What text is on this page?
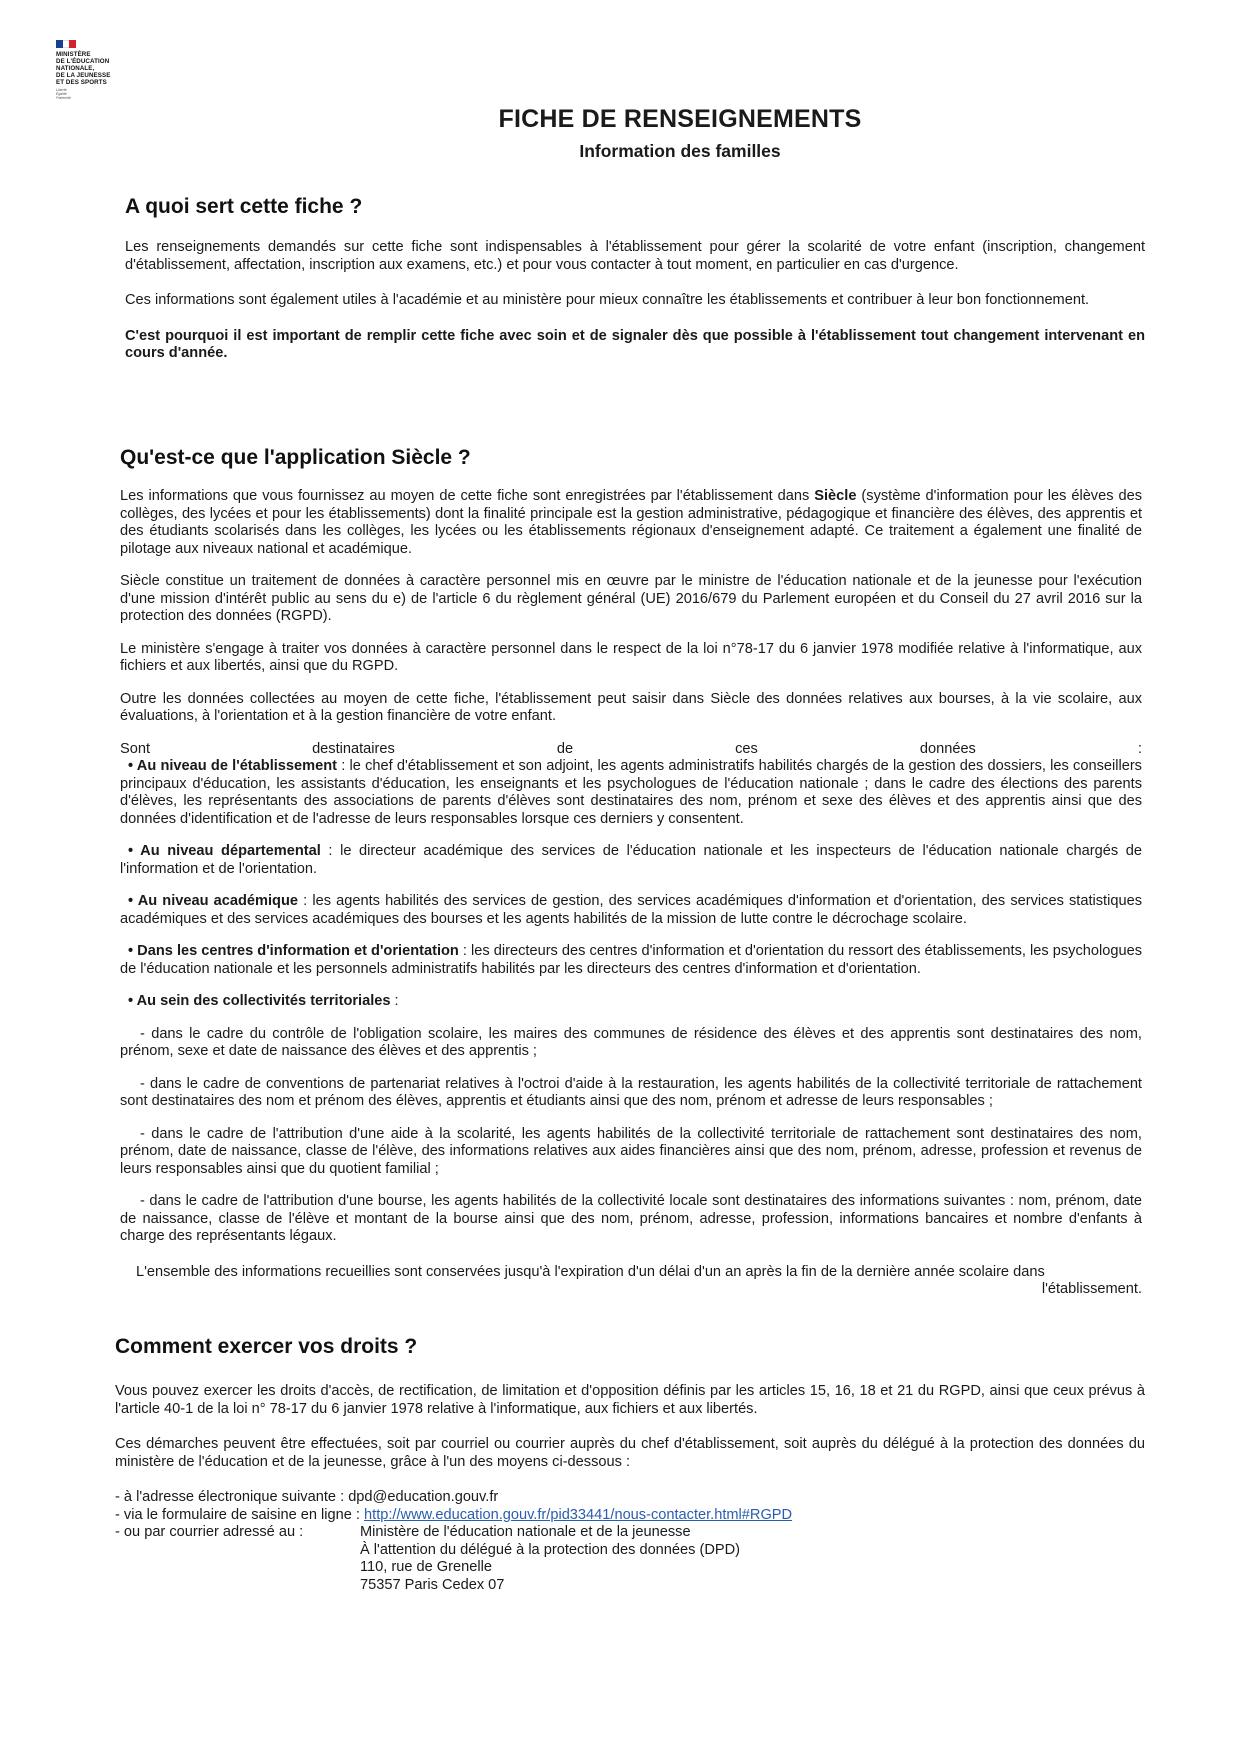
MINISTÈRE
DE L'ÉDUCATION
NATIONALE,
DE LA JEUNESSE
ET DES SPORTS
Liberté
Égalité
Fraternité
FICHE DE RENSEIGNEMENTS
Information des familles
A quoi sert cette fiche ?

Les renseignements demandés sur cette fiche sont indispensables à l'établissement pour gérer la scolarité de votre enfant (inscription, changement d'établissement, affectation, inscription aux examens, etc.) et pour vous contacter à tout moment, en particulier en cas d'urgence.

Ces informations sont également utiles à l'académie et au ministère pour mieux connaître les établissements et contribuer à leur bon fonctionnement.

C'est pourquoi il est important de remplir cette fiche avec soin et de signaler dès que possible à l'établissement tout changement intervenant en cours d'année.

Qu'est-ce que l'application Siècle ?

Les informations que vous fournissez au moyen de cette fiche sont enregistrées par l'établissement dans Siècle (système d'information pour les élèves des collèges, des lycées et pour les établissements) dont la finalité principale est la gestion administrative, pédagogique et financière des élèves, des apprentis et des étudiants scolarisés dans les collèges, les lycées ou les établissements régionaux d'enseignement adapté. Ce traitement a également une finalité de pilotage aux niveaux national et académique.

Siècle constitue un traitement de données à caractère personnel mis en œuvre par le ministre de l'éducation nationale et de la jeunesse pour l'exécution d'une mission d'intérêt public au sens du e) de l'article 6 du règlement général (UE) 2016/679 du Parlement européen et du Conseil du 27 avril 2016 sur la protection des données (RGPD).

Le ministère s'engage à traiter vos données à caractère personnel dans le respect de la loi n°78-17 du 6 janvier 1978 modifiée relative à l'informatique, aux fichiers et aux libertés, ainsi que du RGPD.

Outre les données collectées au moyen de cette fiche, l'établissement peut saisir dans Siècle des données relatives aux bourses, à la vie scolaire, aux évaluations, à l'orientation et à la gestion financière de votre enfant.

Sont	destinataires	de	ces	données	:

• Au niveau de l'établissement : le chef d'établissement et son adjoint, les agents administratifs habilités chargés de la gestion des dossiers, les conseillers principaux d'éducation, les assistants d'éducation, les enseignants et les psychologues de l'éducation nationale ; dans le cadre des élections des parents d'élèves, les représentants des associations de parents d'élèves sont destinataires des nom, prénom et sexe des élèves et des apprentis ainsi que des données d'identification et de l'adresse de leurs responsables lorsque ces derniers y consentent.

• Au niveau départemental : le directeur académique des services de l'éducation nationale et les inspecteurs de l'éducation nationale chargés de l'information et de l'orientation.

• Au niveau académique : les agents habilités des services de gestion, des services académiques d'information et d'orientation, des services statistiques académiques et des services académiques des bourses et les agents habilités de la mission de lutte contre le décrochage scolaire.

• Dans les centres d'information et d'orientation : les directeurs des centres d'information et d'orientation du ressort des établissements, les psychologues de l'éducation nationale et les personnels administratifs habilités par les directeurs des centres d'information et d'orientation.

• Au sein des collectivités territoriales :

- dans le cadre du contrôle de l'obligation scolaire, les maires des communes de résidence des élèves et des apprentis sont destinataires des nom, prénom, sexe et date de naissance des élèves et des apprentis ;

- dans le cadre de conventions de partenariat relatives à l'octroi d'aide à la restauration, les agents habilités de la collectivité territoriale de rattachement sont destinataires des nom et prénom des élèves, apprentis et étudiants ainsi que des nom, prénom et adresse de leurs responsables ;

- dans le cadre de l'attribution d'une aide à la scolarité, les agents habilités de la collectivité territoriale de rattachement sont destinataires des nom, prénom, date de naissance, classe de l'élève, des informations relatives aux aides financières ainsi que des nom, prénom, adresse, profession et revenus de leurs responsables ainsi que du quotient familial ;

- dans le cadre de l'attribution d'une bourse, les agents habilités de la collectivité locale sont destinataires des informations suivantes : nom, prénom, date de naissance, classe de l'élève et montant de la bourse ainsi que des nom, prénom, adresse, profession, informations bancaires et nombre d'enfants à charge des représentants légaux.

L'ensemble des informations recueillies sont conservées jusqu'à l'expiration d'un délai d'un an après la fin de la dernière année scolaire dans

l'établissement.

Comment exercer vos droits ?

Vous pouvez exercer les droits d'accès, de rectification, de limitation et d'opposition définis par les articles 15, 16, 18 et 21 du RGPD, ainsi que ceux prévus à l'article 40-1 de la loi n° 78-17 du 6 janvier 1978 relative à l'informatique, aux fichiers et aux libertés.

Ces démarches peuvent être effectuées, soit par courriel ou courrier auprès du chef d'établissement, soit auprès du délégué à la protection des données du ministère de l'éducation et de la jeunesse, grâce à l'un des moyens ci-dessous :

- à l'adresse électronique suivante : dpd@education.gouv.fr
- via le formulaire de saisine en ligne : http://www.education.gouv.fr/pid33441/nous-contacter.html#RGPD
- ou par courrier adressé au :	Ministère de l'éducation nationale et de la jeunesse
À l'attention du délégué à la protection des données (DPD)
110, rue de Grenelle
75357 Paris Cedex 07
